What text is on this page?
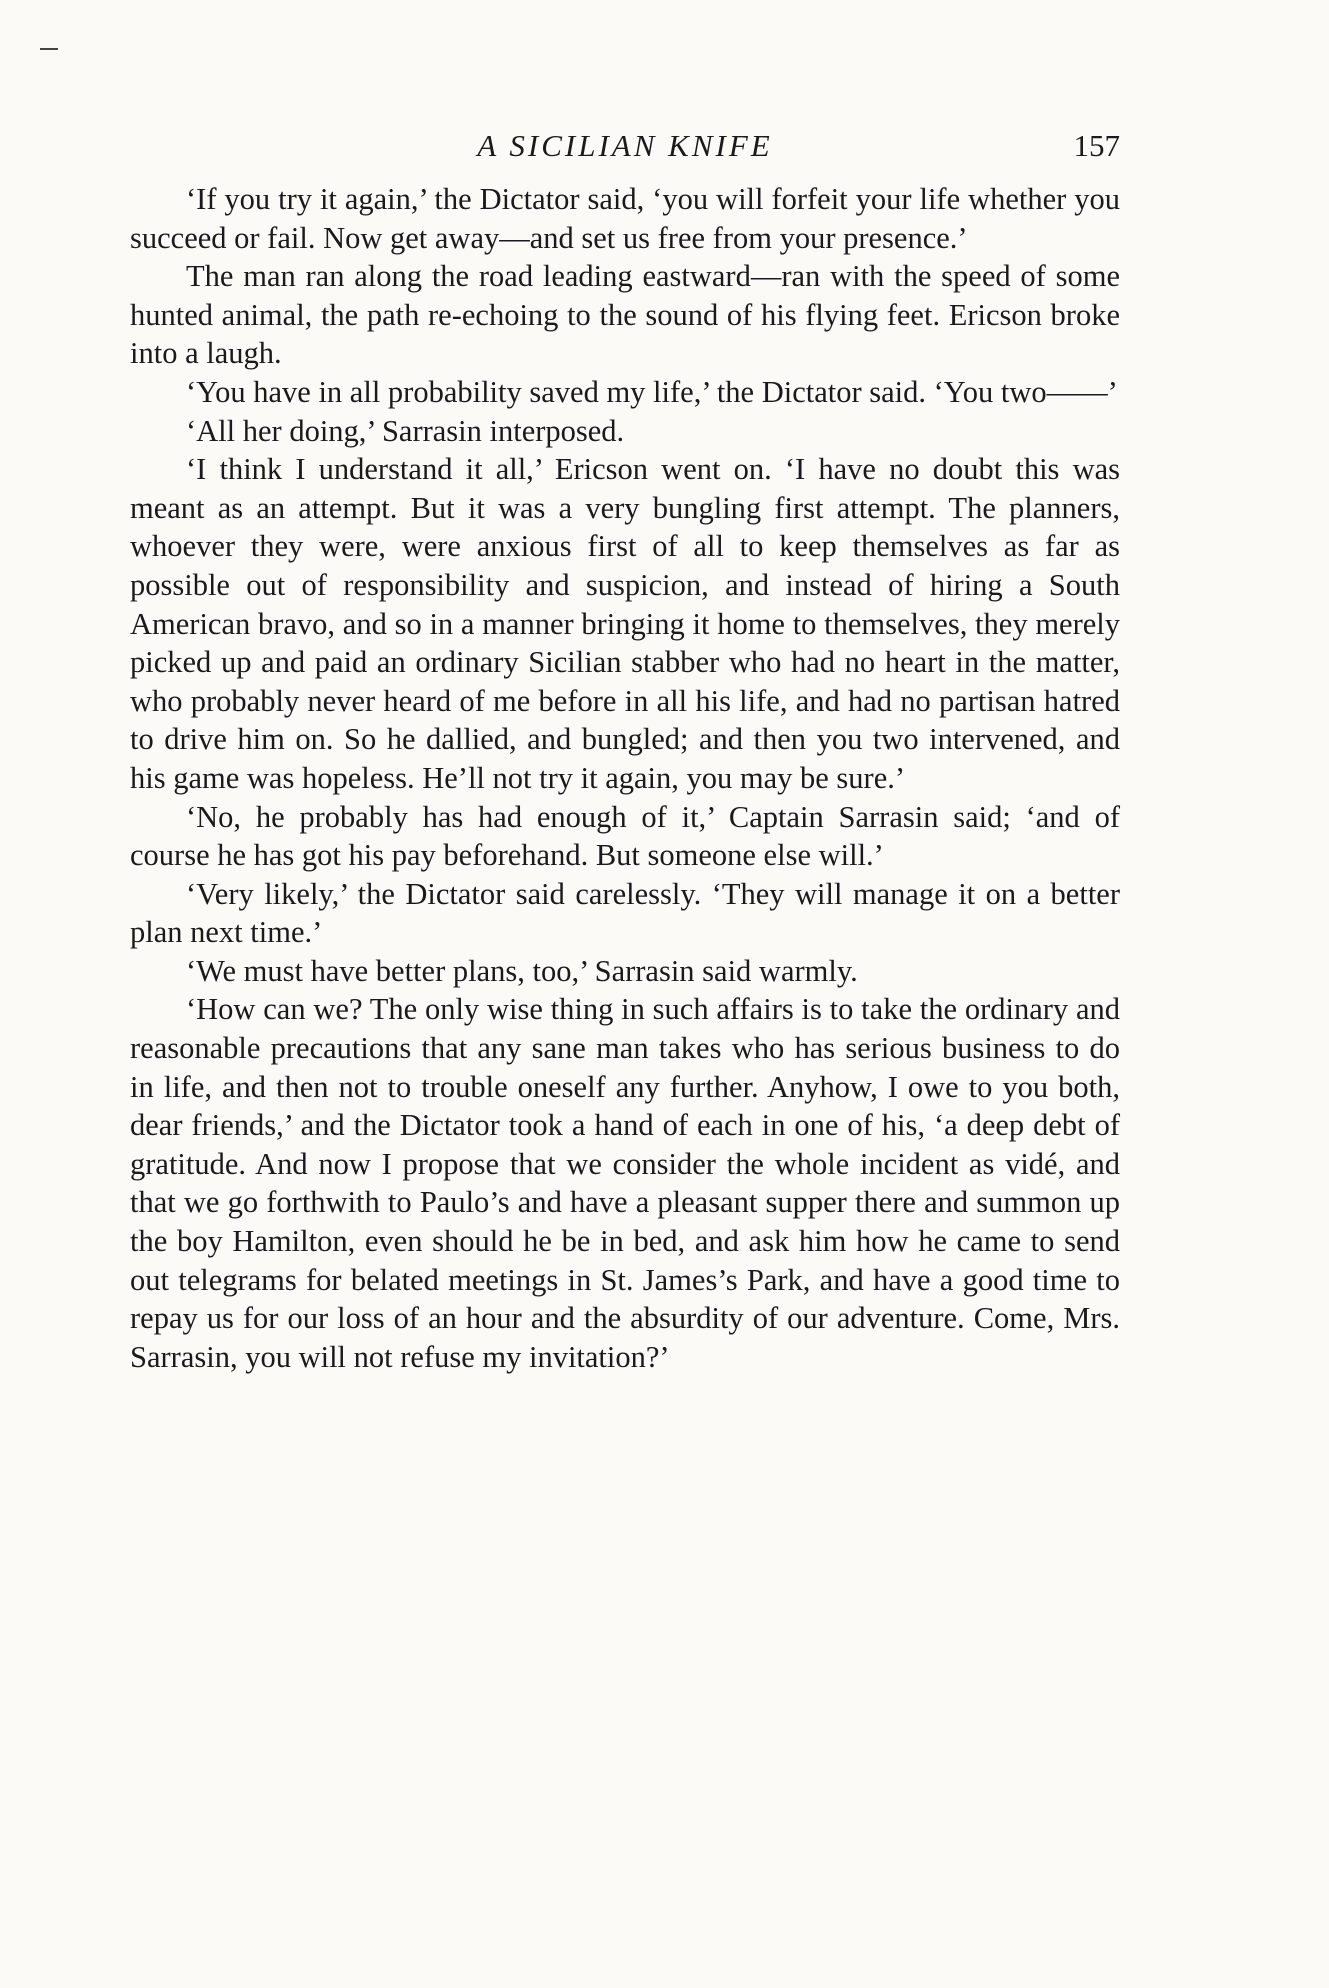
A SICILIAN KNIFE	157

‘If you try it again,’ the Dictator said, ‘you will forfeit your life whether you succeed or fail. Now get away—and set us free from your presence.’

The man ran along the road leading eastward—ran with the speed of some hunted animal, the path re-echoing to the sound of his flying feet. Ericson broke into a laugh.

‘You have in all probability saved my life,’ the Dictator said. ‘You two——’

‘All her doing,’ Sarrasin interposed.

‘I think I understand it all,’ Ericson went on. ‘I have no doubt this was meant as an attempt. But it was a very bungling first attempt. The planners, whoever they were, were anxious first of all to keep themselves as far as possible out of responsibility and suspicion, and instead of hiring a South American bravo, and so in a manner bringing it home to themselves, they merely picked up and paid an ordinary Sicilian stabber who had no heart in the matter, who probably never heard of me before in all his life, and had no partisan hatred to drive him on. So he dallied, and bungled; and then you two intervened, and his game was hopeless. He’ll not try it again, you may be sure.’

‘No, he probably has had enough of it,’ Captain Sarrasin said; ‘and of course he has got his pay beforehand. But someone else will.’

‘Very likely,’ the Dictator said carelessly. ‘They will manage it on a better plan next time.’

‘We must have better plans, too,’ Sarrasin said warmly.

‘How can we? The only wise thing in such affairs is to take the ordinary and reasonable precautions that any sane man takes who has serious business to do in life, and then not to trouble oneself any further. Anyhow, I owe to you both, dear friends,’ and the Dictator took a hand of each in one of his, ‘a deep debt of gratitude. And now I propose that we consider the whole incident as vidé, and that we go forthwith to Paulo’s and have a pleasant supper there and summon up the boy Hamilton, even should he be in bed, and ask him how he came to send out telegrams for belated meetings in St. James’s Park, and have a good time to repay us for our loss of an hour and the absurdity of our adventure. Come, Mrs. Sarrasin, you will not refuse my invitation?’
